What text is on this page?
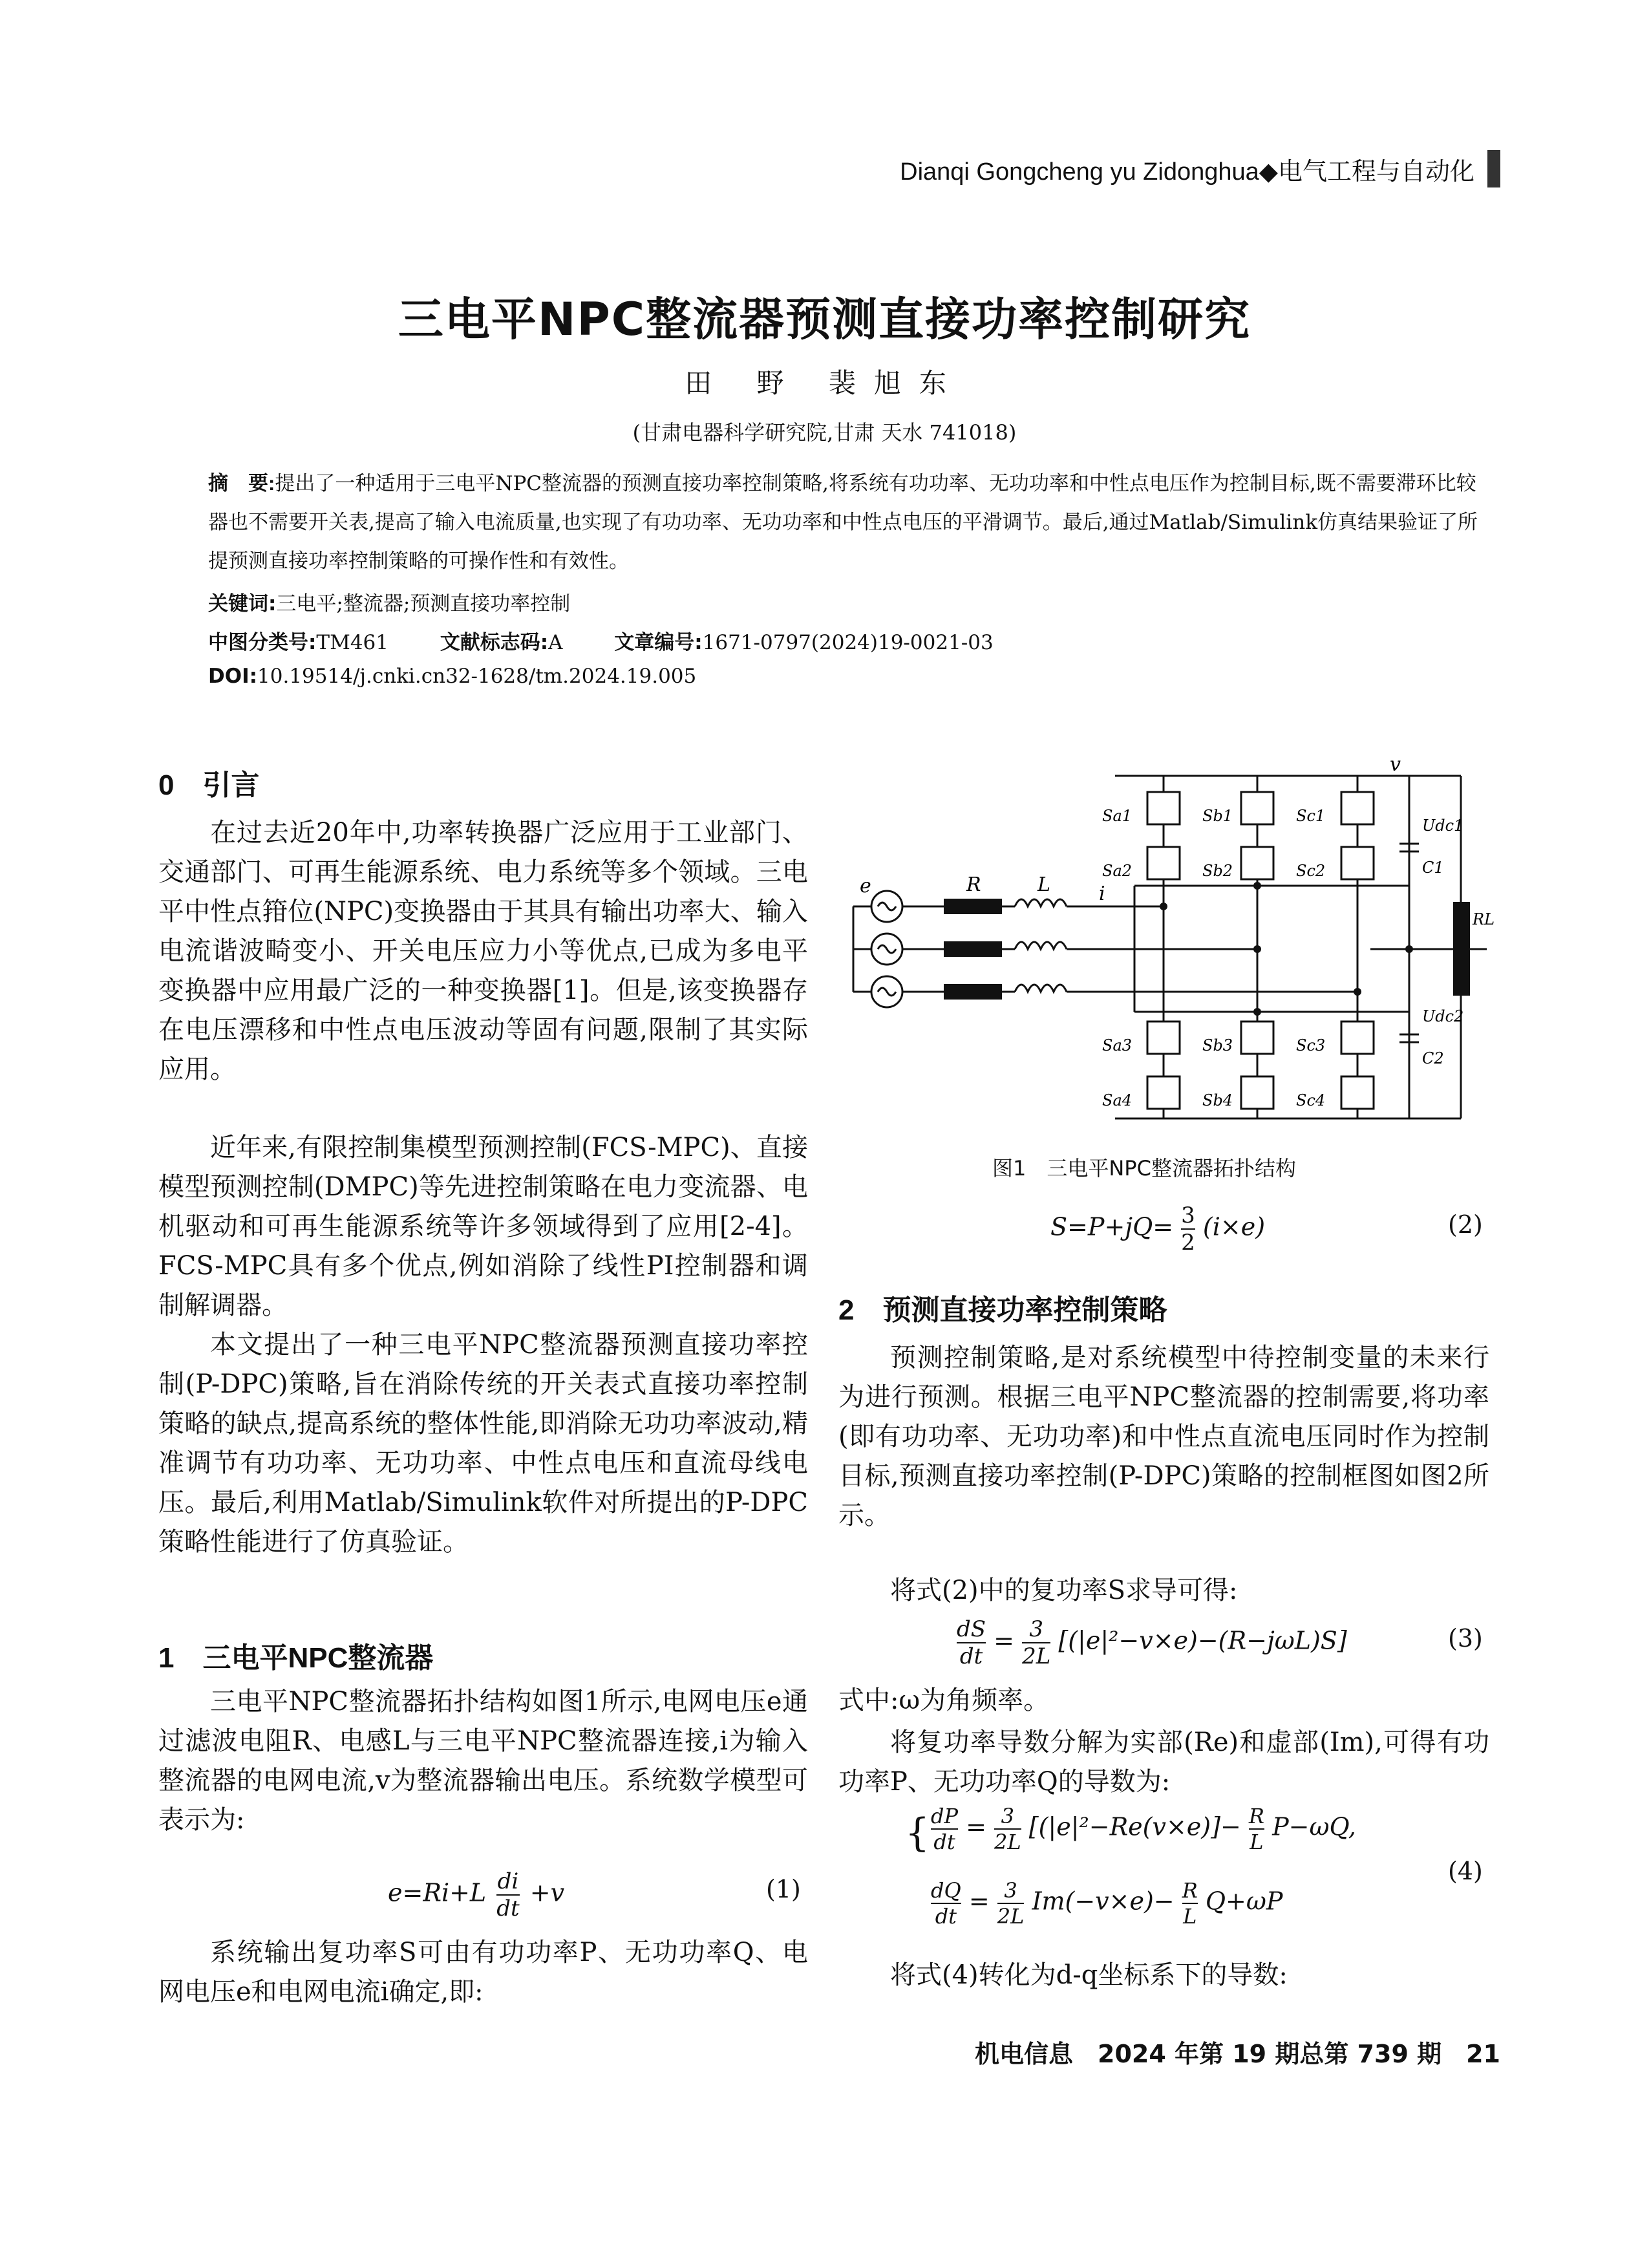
Dianqi Gongcheng yu Zidonghua◆电气工程与自动化
三电平NPC整流器预测直接功率控制研究
田 野 裴旭东
(甘肃电器科学研究院,甘肃 天水 741018)
摘　要:提出了一种适用于三电平NPC整流器的预测直接功率控制策略,将系统有功功率、无功功率和中性点电压作为控制目标,既不需要滞环比较器也不需要开关表,提高了输入电流质量,也实现了有功功率、无功功率和中性点电压的平滑调节。最后,通过Matlab/Simulink仿真结果验证了所提预测直接功率控制策略的可操作性和有效性。
关键词:三电平;整流器;预测直接功率控制
中图分类号:TM461	文献标志码:A	文章编号:1671-0797(2024)19-0021-03
DOI:10.19514/j.cnki.cn32-1628/tm.2024.19.005
0　引言
在过去近20年中,功率转换器广泛应用于工业部门、交通部门、可再生能源系统、电力系统等多个领域。三电平中性点箝位(NPC)变换器由于其具有输出功率大、输入电流谐波畸变小、开关电压应力小等优点,已成为多电平变换器中应用最广泛的一种变换器[1]。但是,该变换器存在电压漂移和中性点电压波动等固有问题,限制了其实际应用。
近年来,有限控制集模型预测控制(FCS-MPC)、直接模型预测控制(DMPC)等先进控制策略在电力变流器、电机驱动和可再生能源系统等许多领域得到了应用[2-4]。FCS-MPC具有多个优点,例如消除了线性PI控制器和调制解调器。
本文提出了一种三电平NPC整流器预测直接功率控制(P-DPC)策略,旨在消除传统的开关表式直接功率控制策略的缺点,提高系统的整体性能,即消除无功功率波动,精准调节有功功率、无功功率、中性点电压和直流母线电压。最后,利用Matlab/Simulink软件对所提出的P-DPC策略性能进行了仿真验证。
1　三电平NPC整流器
三电平NPC整流器拓扑结构如图1所示,电网电压e通过滤波电阻R、电感L与三电平NPC整流器连接,i为输入整流器的电网电流,v为整流器输出电压。系统数学模型可表示为:
$e=Ri+L \frac{di}{dt} +v$	(1)
系统输出复功率S可由有功功率P、无功功率Q、电网电压e和电网电流i确定,即:
e	R	L	i
v
Sa1
Sa2
Sa3
Sa4
Sb1
Sb2
Sb3
Sb4
Sc1
Sc2
Sc3
Sc4
Udc1
C1
Udc2
C2
RL
图1　三电平NPC整流器拓扑结构
$S=P+jQ= \frac{3}{2} (i\times e)$	(2)
2　预测直接功率控制策略
预测控制策略,是对系统模型中待控制变量的未来行为进行预测。根据三电平NPC整流器的控制需要,将功率(即有功功率、无功功率)和中性点直流电压同时作为控制目标,预测直接功率控制(P-DPC)策略的控制框图如图2所示。
将式(2)中的复功率S求导可得:
$\frac{dS}{dt} = \frac{3}{2L} [(|e|^2-v\times e)-(R-j\omega L)S]$	(3)
式中:ω为角频率。
将复功率导数分解为实部(Re)和虚部(Im),可得有功功率P、无功功率Q的导数为:
{ $\frac{dP}{dt} = \frac{3}{2L} [(|e|^2-Re(v\times e)]- \frac{R}{L} P-\omega Q$,
$\frac{dQ}{dt} = \frac{3}{2L} Im(-v\times e)- \frac{R}{L} Q+\omega P$
(4)
将式(4)转化为d-q坐标系下的导数:
机电信息　2024 年第 19 期总第 739 期　21
